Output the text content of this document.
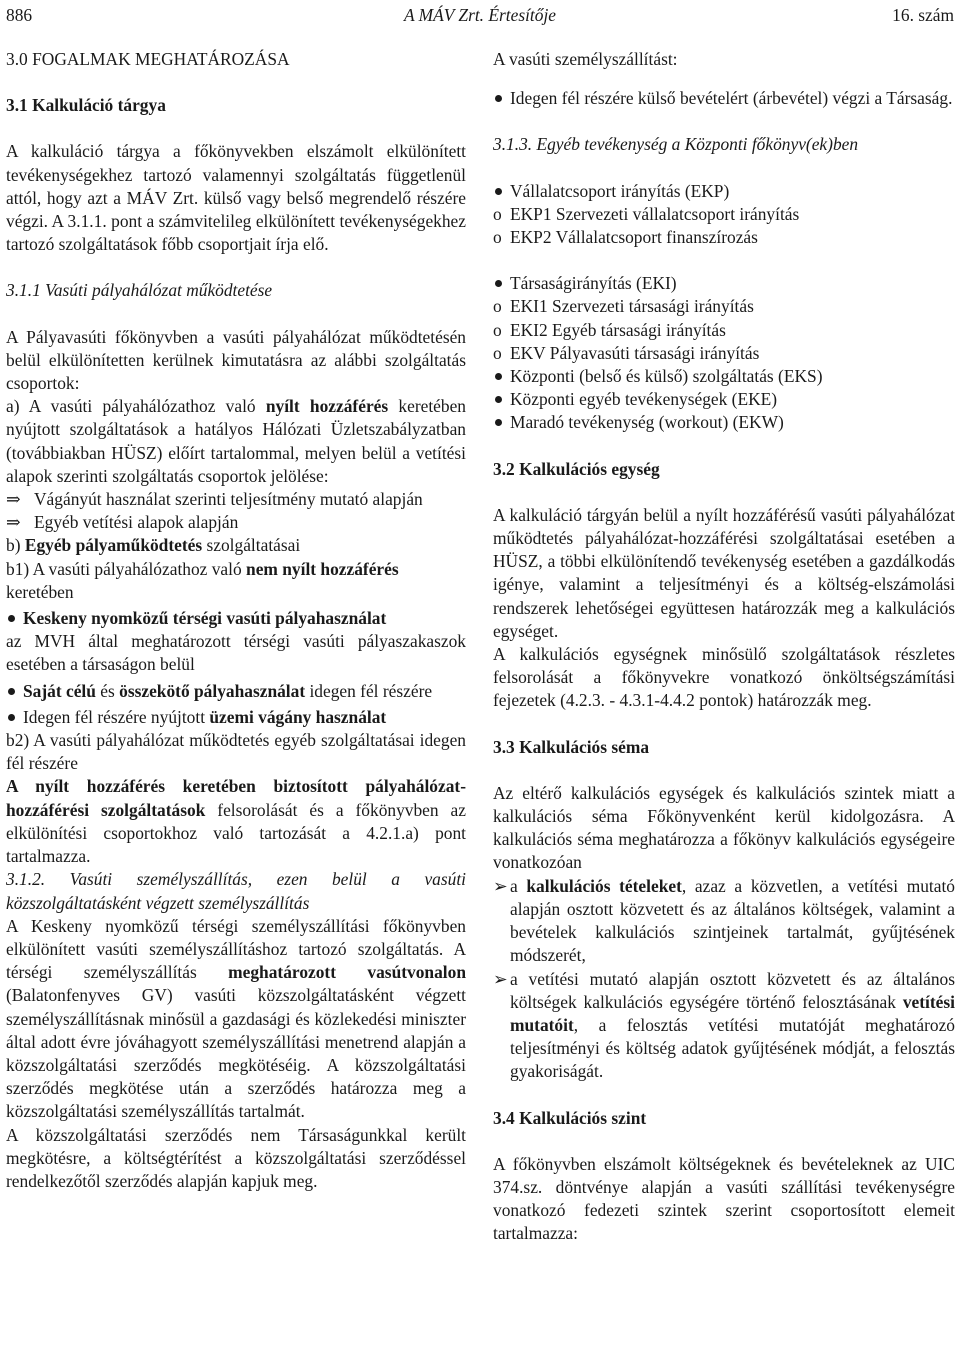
886	A MÁV Zrt. Értesítője	16. szám

3.0 FOGALMAK MEGHATÁROZÁSA

3.1 Kalkuláció tárgya

A kalkuláció tárgya a főkönyvekben elszámolt elkülönített tevékenységekhez tartozó valamennyi szolgáltatás függetlenül attól, hogy azt a MÁV Zrt. külső vagy belső megrendelő részére végzi. A 3.1.1. pont a számvitelileg elkülönített tevékenységekhez tartozó szolgáltatások főbb csoportjait írja elő.

3.1.1 Vasúti pályahálózat működtetése

A Pályavasúti főkönyvben a vasúti pályahálózat működtetésén belül elkülönítetten kerülnek kimutatásra az alábbi szolgáltatás csoportok:

a) A vasúti pályahálózathoz való nyílt hozzáférés keretében nyújtott szolgáltatások a hatályos Hálózati Üzletszabályzatban (továbbiakban HÜSZ) előírt tartalommal, melyen belül a vetítési alapok szerinti szolgáltatás csoportok jelölése:

⇒ Vágányút használat szerinti teljesítmény mutató alapján
⇒ Egyéb vetítési alapok alapján

b) Egyéb pályaműködtetés szolgáltatásai

b1) A vasúti pályahálózathoz való nem nyílt hozzáférés keretében

Keskeny nyomközű térségi vasúti pályahasználat

az MVH által meghatározott térségi vasúti pályaszakaszok esetében a társaságon belül

Saját célú és összekötő pályahasználat idegen fél részére
Idegen fél részére nyújtott üzemi vágány használat

b2) A vasúti pályahálózat működtetés egyéb szolgáltatásai idegen fél részére

A nyílt hozzáférés keretében biztosított pályahálózat-hozzáférési szolgáltatások felsorolását és a főkönyvben az elkülönítési csoportokhoz való tartozását a 4.2.1.a) pont tartalmazza.

3.1.2. Vasúti személyszállítás, ezen belül a vasúti közszolgáltatásként végzett személyszállítás

A Keskeny nyomközű térségi személyszállítási főkönyvben elkülönített vasúti személyszállításhoz tartozó szolgáltatás. A térségi személyszállítás meghatározott vasútvonalon (Balatonfenyves GV) vasúti közszolgáltatásként végzett személyszállításnak minősül a gazdasági és közlekedési miniszter által adott évre jóváhagyott személyszállítási menetrend alapján a közszolgáltatási szerződés megkötéséig. A közszolgáltatási szerződés megkötése után a szerződés határozza meg a közszolgáltatási személyszállítás tartalmát.

A közszolgáltatási szerződés nem Társaságunkkal került megkötésre, a költségtérítést a közszolgáltatási szerződéssel rendelkezőtől szerződés alapján kapjuk meg.

A vasúti személyszállítást:

Idegen fél részére külső bevételért (árbevétel) végzi a Társaság.

3.1.3. Egyéb tevékenység a Központi főkönyv(ek)ben

Vállalatcsoport irányítás (EKP)
o EKP1 Szervezeti vállalatcsoport irányítás
o EKP2 Vállalatcsoport finanszírozás
Társaságirányítás (EKI)
o EKI1 Szervezeti társasági irányítás
o EKI2 Egyéb társasági irányítás
o EKV Pályavasúti társasági irányítás
Központi (belső és külső) szolgáltatás (EKS)
Központi egyéb tevékenységek (EKE)
Maradó tevékenység (workout) (EKW)

3.2 Kalkulációs egység

A kalkuláció tárgyán belül a nyílt hozzáférésű vasúti pályahálózat működtetés pályahálózat-hozzáférési szolgáltatásai esetében a HÜSZ, a többi elkülönítendő tevékenység esetében a gazdálkodás igénye, valamint a teljesítményi és a költség-elszámolási rendszerek lehetőségei együttesen határozzák meg a kalkulációs egységet.

A kalkulációs egységnek minősülő szolgáltatások részletes felsorolását a főkönyvekre vonatkozó önköltségszámítási fejezetek (4.2.3. - 4.3.1-4.4.2 pontok) határozzák meg.

3.3 Kalkulációs séma

Az eltérő kalkulációs egységek és kalkulációs szintek miatt a kalkulációs séma Főkönyvenként kerül kidolgozásra. A kalkulációs séma meghatározza a főkönyv kalkulációs egységeire vonatkozóan

➢ a kalkulációs tételeket, azaz a közvetlen, a vetítési mutató alapján osztott közvetett és az általános költségek, valamint a bevételek kalkulációs szintjeinek tartalmát, gyűjtésének módszerét,
➢ a vetítési mutató alapján osztott közvetett és az általános költségek kalkulációs egységére történő felosztásának vetítési mutatóit, a felosztás vetítési mutatóját meghatározó teljesítményi és költség adatok gyűjtésének módját, a felosztás gyakoriságát.

3.4 Kalkulációs szint

A főkönyvben elszámolt költségeknek és bevételeknek az UIC 374.sz. döntvénye alapján a vasúti szállítási tevékenységre vonatkozó fedezeti szintek szerint csoportosított elemeit tartalmazza:
